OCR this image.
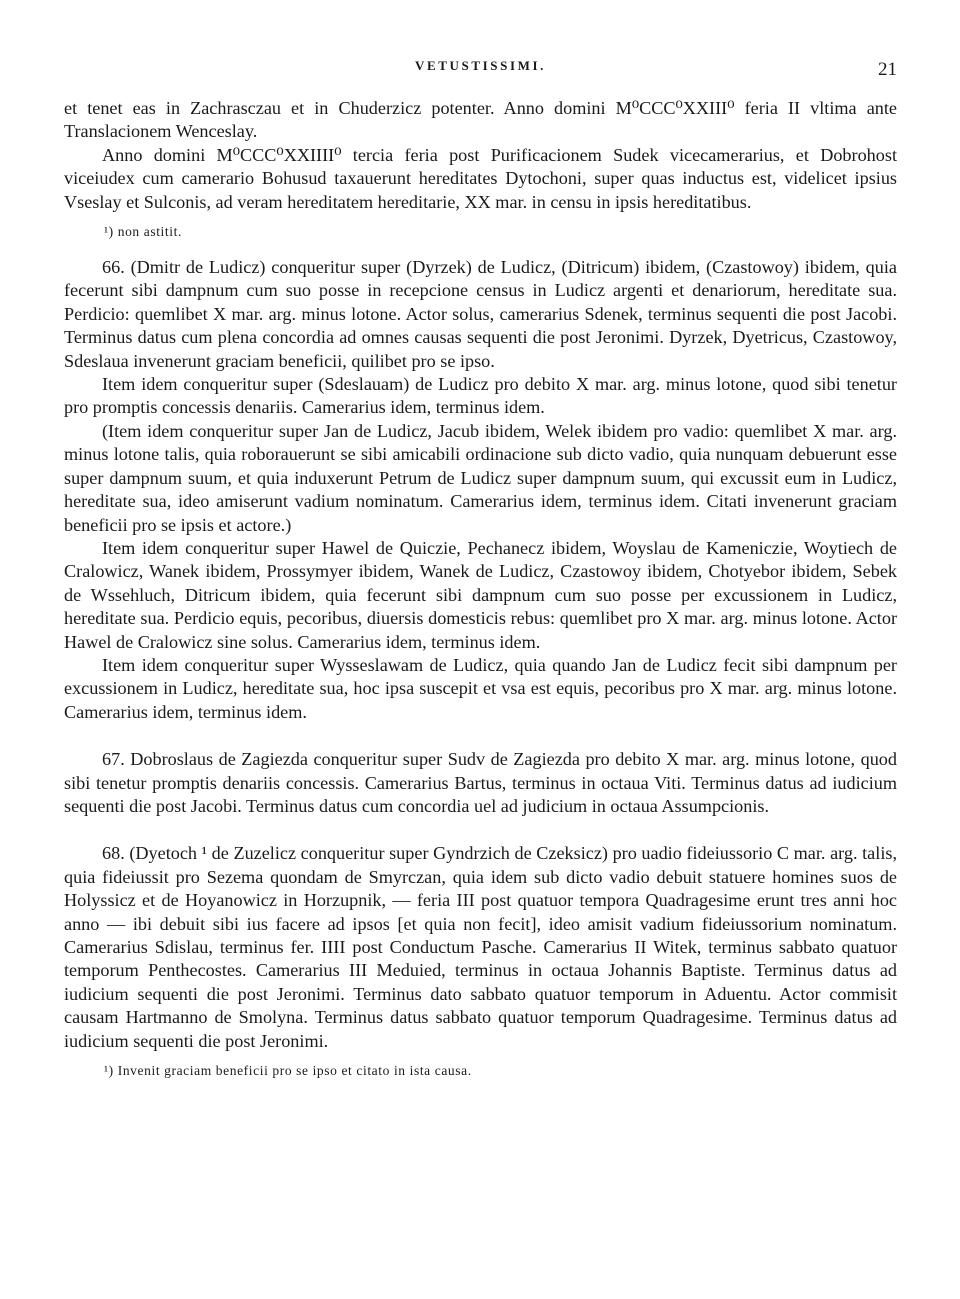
VETUSTISSIMI.	21

et tenet eas in Zachrasczau et in Chuderzicz potenter. Anno domini M⁰CCC⁰XXIII⁰ feria II vltima ante Translacionem Wenceslay.

Anno domini M⁰CCC⁰XXIIII⁰ tercia feria post Purificacionem Sudek vicecamerarius, et Dobrohost viceiudex cum camerario Bohusud taxauerunt hereditates Dytochoni, super quas inductus est, videlicet ipsius Vseslay et Sulconis, ad veram hereditatem hereditarie, XX mar. in censu in ipsis hereditatibus.

¹) non astitit.

66. (Dmitr de Ludicz) conqueritur super (Dyrzek) de Ludicz, (Ditricum) ibidem, (Czastowoy) ibidem, quia fecerunt sibi dampnum cum suo posse in recepcione census in Ludicz argenti et denariorum, hereditate sua. Perdicio: quemlibet X mar. arg. minus lotone. Actor solus, camerarius Sdenek, terminus sequenti die post Jacobi. Terminus datus cum plena concordia ad omnes causas sequenti die post Jeronimi. Dyrzek, Dyetricus, Czastowoy, Sdeslaua invenerunt graciam beneficii, quilibet pro se ipso.

Item idem conqueritur super (Sdeslauam) de Ludicz pro debito X mar. arg. minus lotone, quod sibi tenetur pro promptis concessis denariis. Camerarius idem, terminus idem.

(Item idem conqueritur super Jan de Ludicz, Jacub ibidem, Welek ibidem pro vadio: quemlibet X mar. arg. minus lotone talis, quia roborauerunt se sibi amicabili ordinacione sub dicto vadio, quia nunquam debuerunt esse super dampnum suum, et quia induxerunt Petrum de Ludicz super dampnum suum, qui excussit eum in Ludicz, hereditate sua, ideo amiserunt vadium nominatum. Camerarius idem, terminus idem. Citati invenerunt graciam beneficii pro se ipsis et actore.)

Item idem conqueritur super Hawel de Quiczie, Pechanecz ibidem, Woyslau de Kameniczie, Woytiech de Cralowicz, Wanek ibidem, Prossymyer ibidem, Wanek de Ludicz, Czastowoy ibidem, Chotyebor ibidem, Sebek de Wssehluch, Ditricum ibidem, quia fecerunt sibi dampnum cum suo posse per excussionem in Ludicz, hereditate sua. Perdicio equis, pecoribus, diuersis domesticis rebus: quemlibet pro X mar. arg. minus lotone. Actor Hawel de Cralowicz sine solus. Camerarius idem, terminus idem.

Item idem conqueritur super Wysseslawam de Ludicz, quia quando Jan de Ludicz fecit sibi dampnum per excussionem in Ludicz, hereditate sua, hoc ipsa suscepit et vsa est equis, pecoribus pro X mar. arg. minus lotone. Camerarius idem, terminus idem.

67. Dobroslaus de Zagiezda conqueritur super Sudv de Zagiezda pro debito X mar. arg. minus lotone, quod sibi tenetur promptis denariis concessis. Camerarius Bartus, terminus in octaua Viti. Terminus datus ad iudicium sequenti die post Jacobi. Terminus datus cum concordia uel ad judicium in octaua Assumpcionis.

68. (Dyetoch ¹ de Zuzelicz conqueritur super Gyndrzich de Czeksicz) pro uadio fideiussorio C mar. arg. talis, quia fideiussit pro Sezema quondam de Smyrczan, quia idem sub dicto vadio debuit statuere homines suos de Holyssicz et de Hoyanowicz in Horzupnik, — feria III post quatuor tempora Quadragesime erunt tres anni hoc anno — ibi debuit sibi ius facere ad ipsos [et quia non fecit], ideo amisit vadium fideiussorium nominatum. Camerarius Sdislau, terminus fer. IIII post Conductum Pasche. Camerarius II Witek, terminus sabbato quatuor temporum Penthecostes. Camerarius III Meduied, terminus in octaua Johannis Baptiste. Terminus datus ad iudicium sequenti die post Jeronimi. Terminus dato sabbato quatuor temporum in Aduentu. Actor commisit causam Hartmanno de Smolyna. Terminus datus sabbato quatuor temporum Quadragesime. Terminus datus ad iudicium sequenti die post Jeronimi.

¹) Invenit graciam beneficii pro se ipso et citato in ista causa.
